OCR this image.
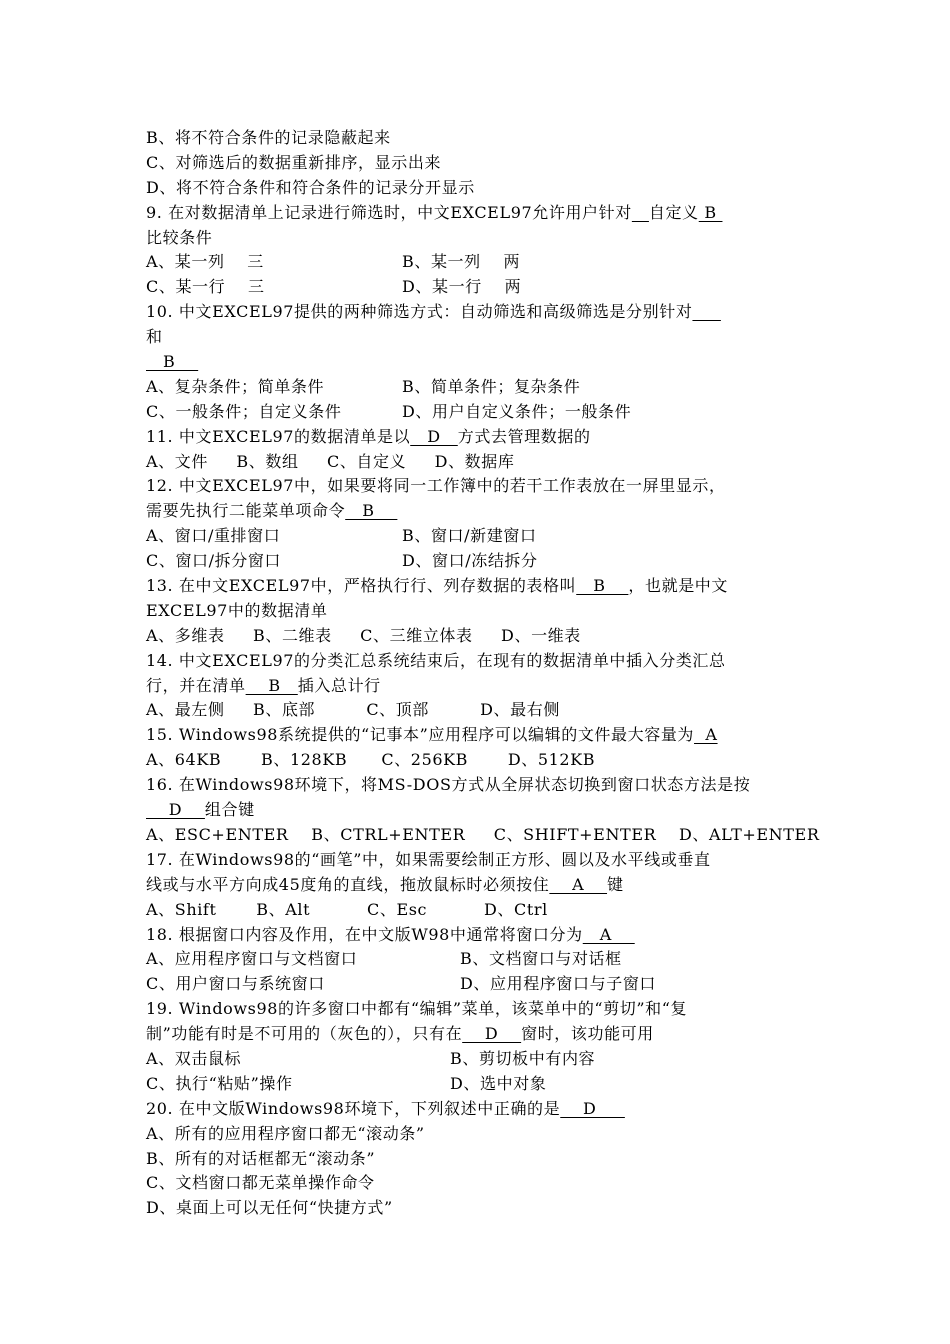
B、将不符合条件的记录隐蔽起来
C、对筛选后的数据重新排序，显示出来
D、将不符合条件和符合条件的记录分开显示
9. 在对数据清单上记录进行筛选时，中文EXCEL97允许用户针对 自定义 B
比较条件
A、某一列    三	B、某一列    两
C、某一行    三	D、某一行    两
10. 中文EXCEL97提供的两种筛选方式：自动筛选和高级筛选是分别针对
和
B
A、复杂条件；简单条件	B、简单条件；复杂条件
C、一般条件；自定义条件	D、用户自定义条件；一般条件
11. 中文EXCEL97的数据清单是以   D   方式去管理数据的
A、文件     B、数组     C、自定义     D、数据库
12. 中文EXCEL97中，如果要将同一工作簿中的若干工作表放在一屏里显示，
需要先执行二能菜单项命令   B
A、窗口/重排窗口	B、窗口/新建窗口
C、窗口/拆分窗口	D、窗口/冻结拆分
13. 在中文EXCEL97中，严格执行行、列存数据的表格叫   B    ，也就是中文
EXCEL97中的数据清单
A、多维表     B、二维表     C、三维立体表     D、一维表
14. 中文EXCEL97的分类汇总系统结束后，在现有的数据清单中插入分类汇总
行，并在清单    B   插入总计行
A、最左侧     B、底部         C、顶部         D、最右侧
15. Windows98系统提供的“记事本”应用程序可以编辑的文件最大容量为  A
A、64KB       B、128KB      C、256KB       D、512KB
16. 在Windows98环境下，将MS-DOS方式从全屏状态切换到窗口状态方法是按
D    组合键
A、ESC+ENTER    B、CTRL+ENTER     C、SHIFT+ENTER    D、ALT+ENTER
17. 在Windows98的“画笔”中，如果需要绘制正方形、圆以及水平线或垂直
线或与水平方向成45度角的直线，拖放鼠标时必须按住    A    键
A、Shift       B、Alt          C、Esc          D、Ctrl
18. 根据窗口内容及作用，在中文版W98中通常将窗口分为   A
A、应用程序窗口与文档窗口	B、文档窗口与对话框
C、用户窗口与系统窗口	D、应用程序窗口与子窗口
19. Windows98的许多窗口中都有“编辑”菜单，该菜单中的“剪切”和“复
制”功能有时是不可用的（灰色的），只有在    D    窗时，该功能可用
A、双击鼠标	B、剪切板中有内容
C、执行“粘贴”操作	D、选中对象
20. 在中文版Windows98环境下，下列叙述中正确的是    D
A、所有的应用程序窗口都无“滚动条”
B、所有的对话框都无“滚动条”
C、文档窗口都无菜单操作命令
D、桌面上可以无任何“快捷方式”
